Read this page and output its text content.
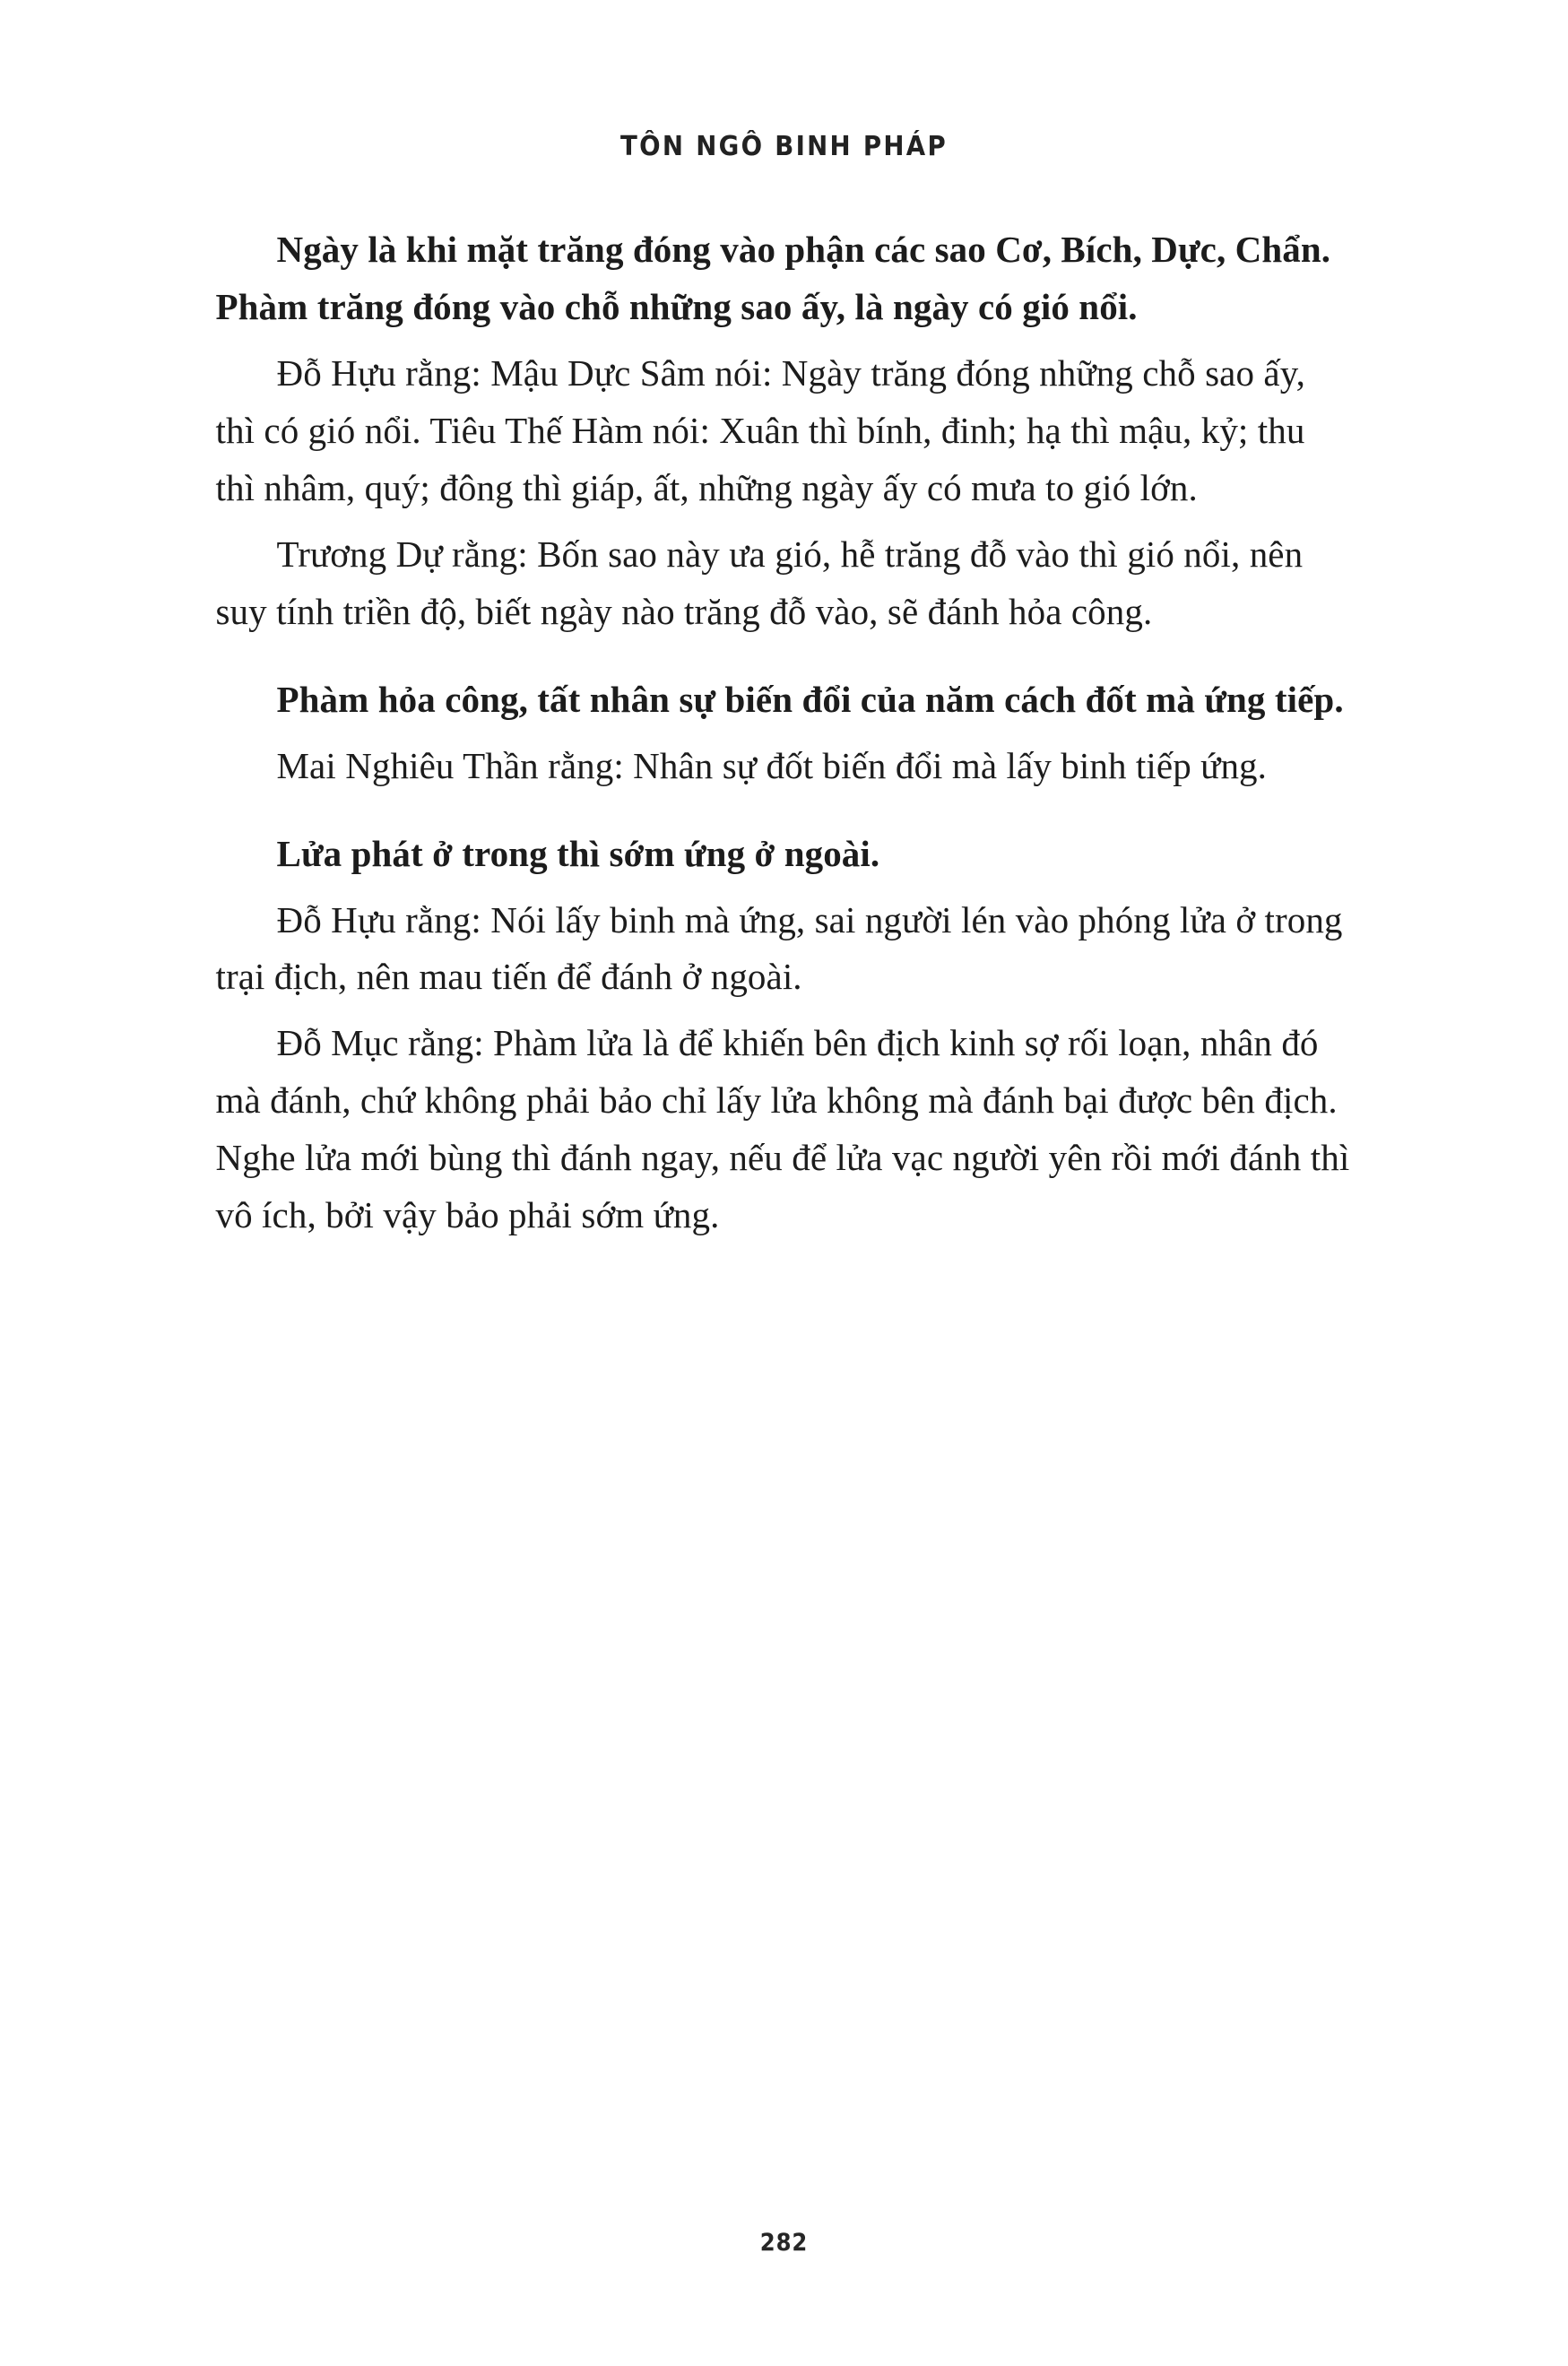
TÔN NGÔ BINH PHÁP

Ngày là khi mặt trăng đóng vào phận các sao Cơ, Bích, Dực, Chẩn. Phàm trăng đóng vào chỗ những sao ấy, là ngày có gió nổi.

Đỗ Hựu rằng: Mậu Dực Sâm nói: Ngày trăng đóng những chỗ sao ấy, thì có gió nổi. Tiêu Thế Hàm nói: Xuân thì bính, đinh; hạ thì mậu, kỷ; thu thì nhâm, quý; đông thì giáp, ất, những ngày ấy có mưa to gió lớn.

Trương Dự rằng: Bốn sao này ưa gió, hễ trăng đỗ vào thì gió nổi, nên suy tính triền độ, biết ngày nào trăng đỗ vào, sẽ đánh hỏa công.

Phàm hỏa công, tất nhân sự biến đổi của năm cách đốt mà ứng tiếp.

Mai Nghiêu Thần rằng: Nhân sự đốt biến đổi mà lấy binh tiếp ứng.

Lửa phát ở trong thì sớm ứng ở ngoài.

Đỗ Hựu rằng: Nói lấy binh mà ứng, sai người lén vào phóng lửa ở trong trại địch, nên mau tiến để đánh ở ngoài.

Đỗ Mục rằng: Phàm lửa là để khiến bên địch kinh sợ rối loạn, nhân đó mà đánh, chứ không phải bảo chỉ lấy lửa không mà đánh bại được bên địch. Nghe lửa mới bùng thì đánh ngay, nếu để lửa vạc người yên rồi mới đánh thì vô ích, bởi vậy bảo phải sớm ứng.

282
